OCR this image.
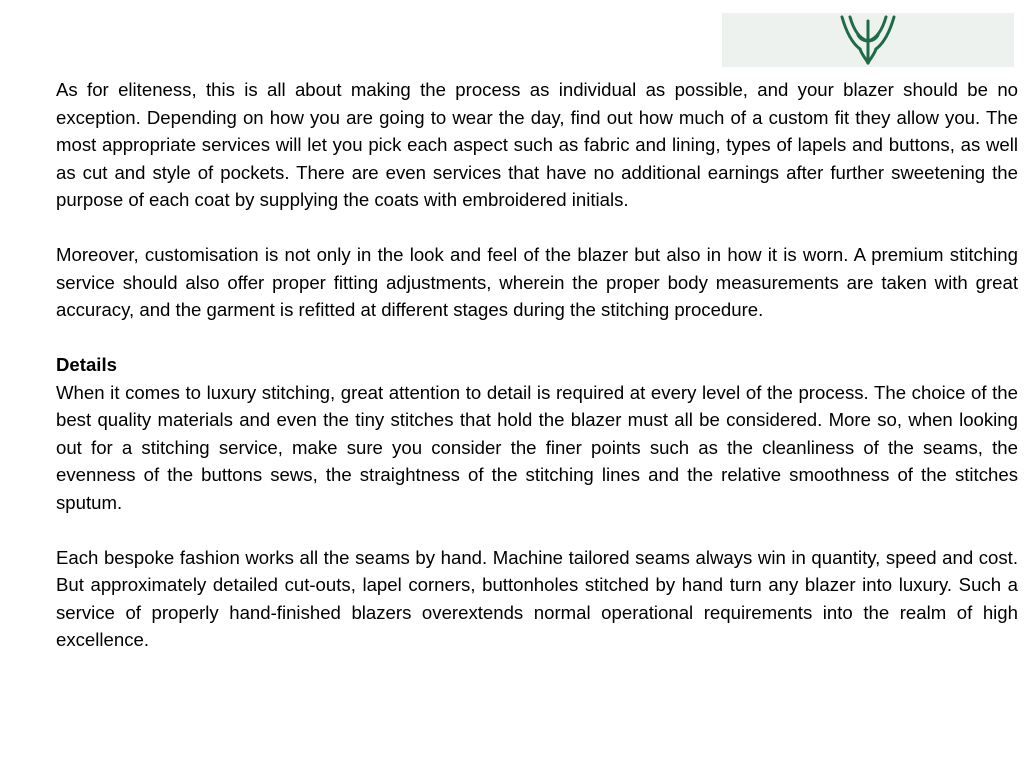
As for eliteness, this is all about making the process as individual as possible, and your blazer should be no exception. Depending on how you are going to wear the day, find out how much of a custom fit they allow you. The most appropriate services will let you pick each aspect such as fabric and lining, types of lapels and buttons, as well as cut and style of pockets. There are even services that have no additional earnings after further sweetening the purpose of each coat by supplying the coats with embroidered initials.

Moreover, customisation is not only in the look and feel of the blazer but also in how it is worn. A premium stitching service should also offer proper fitting adjustments, wherein the proper body measurements are taken with great accuracy, and the garment is refitted at different stages during the stitching procedure.

Details

When it comes to luxury stitching, great attention to detail is required at every level of the process. The choice of the best quality materials and even the tiny stitches that hold the blazer must all be considered. More so, when looking out for a stitching service, make sure you consider the finer points such as the cleanliness of the seams, the evenness of the buttons sews, the straightness of the stitching lines and the relative smoothness of the stitches sputum.

Each bespoke fashion works all the seams by hand. Machine tailored seams always win in quantity, speed and cost. But approximately detailed cut-outs, lapel corners, buttonholes stitched by hand turn any blazer into luxury. Such a service of properly hand-finished blazers overextends normal operational requirements into the realm of high excellence.
